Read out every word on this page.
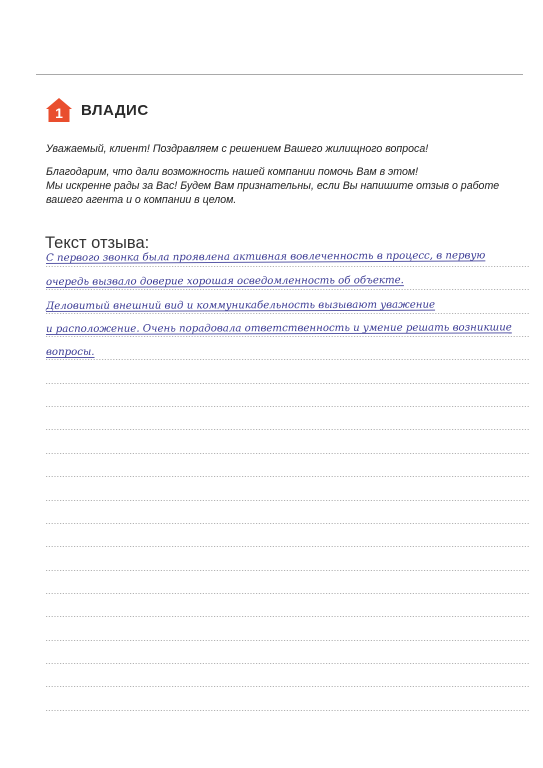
1 ВЛАДИС

Уважаемый, клиент! Поздравляем с решением Вашего жилищного вопроса!

Благодарим, что дали возможность нашей компании помочь Вам в этом!

Мы искренне рады за Вас! Будем Вам признательны, если Вы напишите отзыв о работе

вашего агента и о компании в целом.

Текст отзыва:
С первого звонка была проявлена активная вовлеченность в процесс, в первую
очередь вызвало доверие хорошая осведомленность об объекте.
Деловитый внешний вид и коммуникабельность вызывают уважение
и расположение. Очень порадовала ответственность и умение решать возникшие
вопросы.
